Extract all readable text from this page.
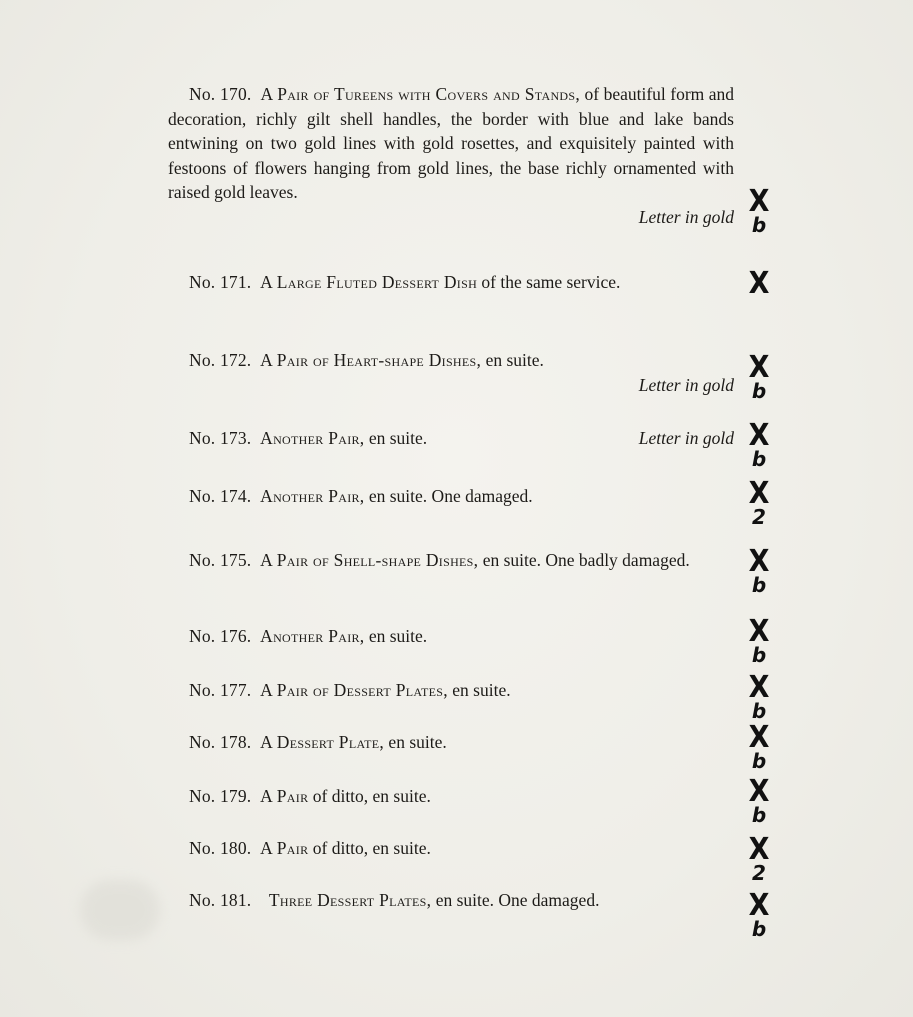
No. 170. A Pair of Tureens with Covers and Stands, of beautiful form and decoration, richly gilt shell handles, the border with blue and lake bands entwining on two gold lines with gold rosettes, and exquisitely painted with festoons of flowers hanging from gold lines, the base richly ornamented with raised gold leaves.
Letter in gold
No. 171. A Large Fluted Dessert Dish of the same service.
No. 172. A Pair of Heart-shape Dishes, en suite.
Letter in gold
No. 173. Another Pair, en suite.	Letter in gold
No. 174. Another Pair, en suite. One damaged.
No. 175. A Pair of Shell-shape Dishes, en suite. One badly damaged.
No. 176. Another Pair, en suite.
No. 177. A Pair of Dessert Plates, en suite.
No. 178. A Dessert Plate, en suite.
No. 179. A Pair of ditto, en suite.
No. 180. A Pair of ditto, en suite.
No. 181. Three Dessert Plates, en suite. One damaged.
X
b
X
X
b
X
b
X
2
X
b
X
b
X
b
X
b
X
b
X
2
X
b
